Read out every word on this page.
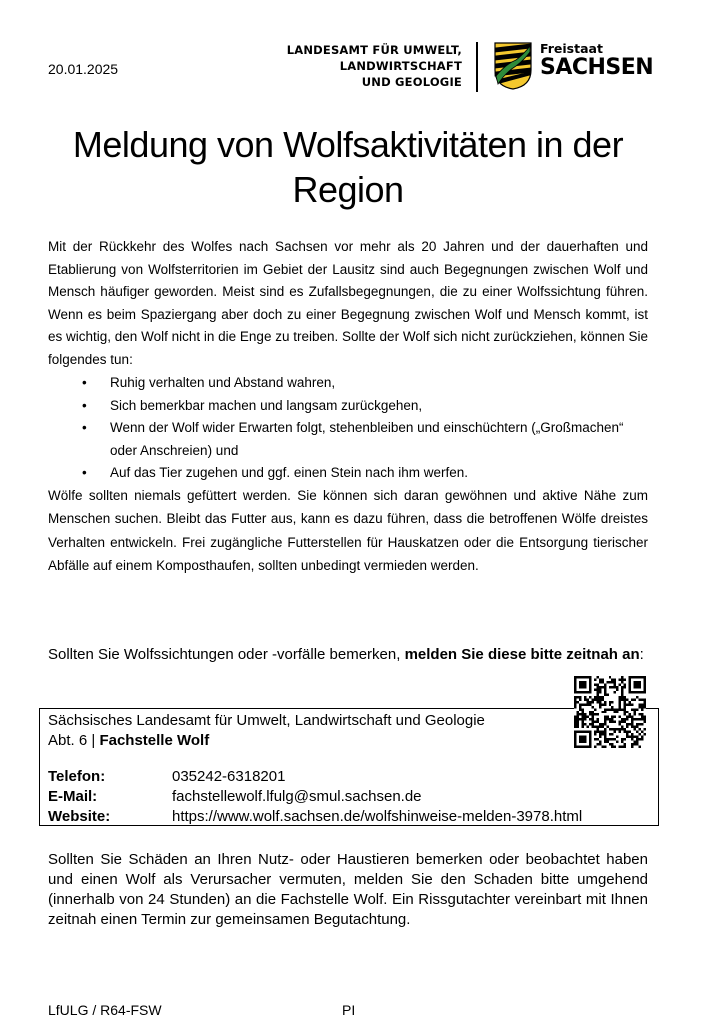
20.01.2025
LANDESAMT FÜR UMWELT,
LANDWIRTSCHAFT
UND GEOLOGIE
Freistaat
SACHSEN
Meldung von Wolfsaktivitäten in der Region

Mit der Rückkehr des Wolfes nach Sachsen vor mehr als 20 Jahren und der dauerhaften und Etablierung von Wolfsterritorien im Gebiet der Lausitz sind auch Begegnungen zwischen Wolf und Mensch häufiger geworden. Meist sind es Zufallsbegegnungen, die zu einer Wolfssichtung führen. Wenn es beim Spaziergang aber doch zu einer Begegnung zwischen Wolf und Mensch kommt, ist es wichtig, den Wolf nicht in die Enge zu treiben. Sollte der Wolf sich nicht zurückziehen, können Sie folgendes tun:

• Ruhig verhalten und Abstand wahren,
• Sich bemerkbar machen und langsam zurückgehen,
• Wenn der Wolf wider Erwarten folgt, stehenbleiben und einschüchtern („Großmachen“ oder Anschreien) und
• Auf das Tier zugehen und ggf. einen Stein nach ihm werfen.

Wölfe sollten niemals gefüttert werden. Sie können sich daran gewöhnen und aktive Nähe zum Menschen suchen. Bleibt das Futter aus, kann es dazu führen, dass die betroffenen Wölfe dreistes Verhalten entwickeln. Frei zugängliche Futterstellen für Hauskatzen oder die Entsorgung tierischer Abfälle auf einem Komposthaufen, sollten unbedingt vermieden werden.

Sollten Sie Wolfssichtungen oder -vorfälle bemerken, melden Sie diese bitte zeitnah an:

Sächsisches Landesamt für Umwelt, Landwirtschaft und Geologie
Abt. 6 | Fachstelle Wolf
Telefon:	035242-6318201
E-Mail:	fachstellewolf.lfulg@smul.sachsen.de
Website:	https://www.wolf.sachsen.de/wolfshinweise-melden-3978.html

Sollten Sie Schäden an Ihren Nutz- oder Haustieren bemerken oder beobachtet haben und einen Wolf als Verursacher vermuten, melden Sie den Schaden bitte umgehend (innerhalb von 24 Stunden) an die Fachstelle Wolf. Ein Rissgutachter vereinbart mit Ihnen zeitnah einen Termin zur gemeinsamen Begutachtung.

LfULG / R64-FSW	PI
